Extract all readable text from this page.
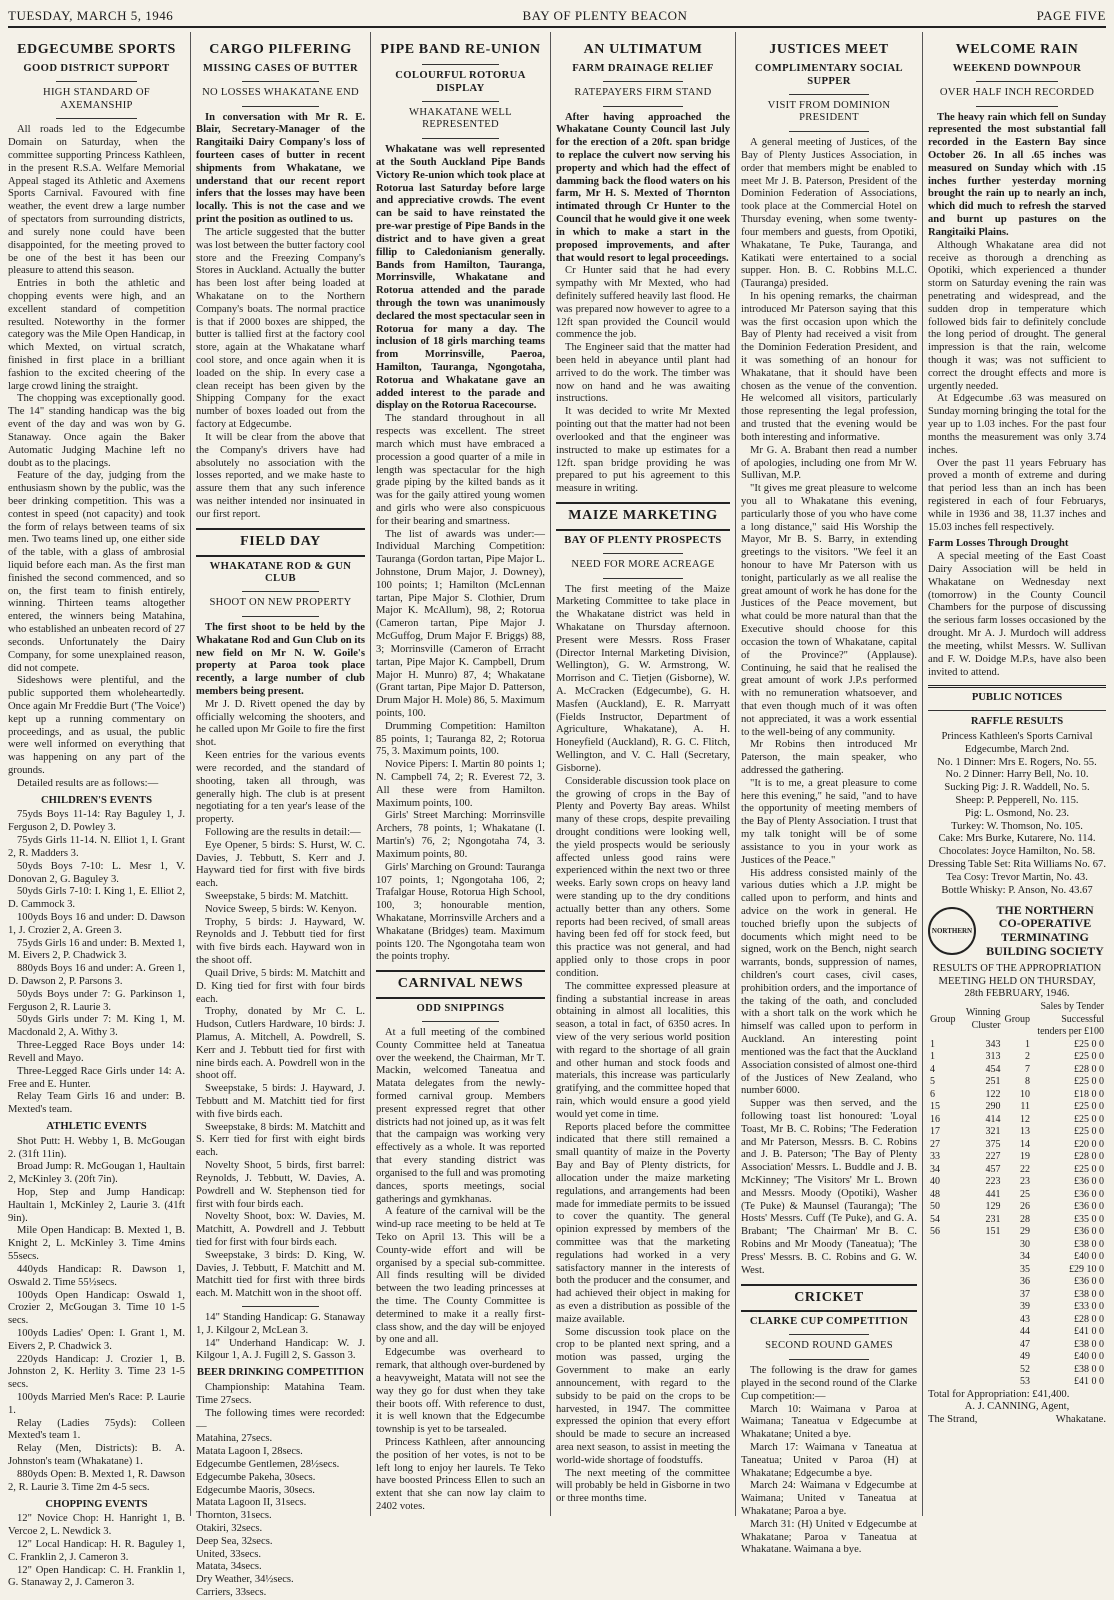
TUESDAY, MARCH 5, 1946	BAY OF PLENTY BEACON	PAGE FIVE
EDGECUMBE SPORTS
GOOD DISTRICT SUPPORT
HIGH STANDARD OF AXEMANSHIP

All roads led to the Edgecumbe Domain on Saturday, when the committee supporting Princess Kathleen, in the present R.S.A. Welfare Memorial Appeal staged its Athletic and Axemens Sports Carnival. Favoured with fine weather, the event drew a large number of spectators from surrounding districts, and surely none could have been disappointed, for the meeting proved to be one of the best it has been our pleasure to attend this season.

Entries in both the athletic and chopping events were high, and an excellent standard of competition resulted. Noteworthy in the former category was the Mile Open Handicap, in which Mexted, on virtual scratch, finished in first place in a brilliant fashion to the excited cheering of the large crowd lining the straight.

The chopping was exceptionally good. The 14" standing handicap was the big event of the day and was won by G. Stanaway. Once again the Baker Automatic Judging Machine left no doubt as to the placings.

Feature of the day, judging from the enthusiasm shown by the public, was the beer drinking competition. This was a contest in speed (not capacity) and took the form of relays between teams of six men. Two teams lined up, one either side of the table, with a glass of ambrosial liquid before each man. As the first man finished the second commenced, and so on, the first team to finish entirely, winning. Thirteen teams altogether entered, the winners being Matahina, who established an unbeaten record of 27 seconds. Unfortunately the Dairy Company, for some unexplained reason, did not compete.

Sideshows were plentiful, and the public supported them wholeheartedly. Once again Mr Freddie Burt ('The Voice') kept up a running commentary on proceedings, and as usual, the public were well informed on everything that was happening on any part of the grounds.

Detailed results are as follows:—

CHILDREN'S EVENTS

75yds Boys 11-14: Ray Baguley 1, J. Ferguson 2, D. Powley 3.

75yds Girls 11-14. N. Elliot 1, I. Grant 2, R. Madders 3.

50yds Boys 7-10: L. Mesr 1, V. Donovan 2, G. Baguley 3.

50yds Girls 7-10: I. King 1, E. Elliot 2, D. Cammock 3.

100yds Boys 16 and under: D. Dawson 1, J. Crozier 2, A. Green 3.

75yds Girls 16 and under: B. Mexted 1, M. Eivers 2, P. Chadwick 3.

880yds Boys 16 and under: A. Green 1, D. Dawson 2, P. Parsons 3.

50yds Boys under 7: G. Parkinson 1, Ferguson 2, R. Laurie 3.

50yds Girls under 7: M. King 1, M. Macdonald 2, A. Withy 3.

Three-Legged Race Boys under 14: Revell and Mayo.

Three-Legged Race Girls under 14: A. Free and E. Hunter.

Relay Team Girls 16 and under: B. Mexted's team.

ATHLETIC EVENTS

Shot Putt: H. Webby 1, B. McGougan 2. (31ft 11in).

Broad Jump: R. McGougan 1, Haultain 2, McKinley 3. (20ft 7in).

Hop, Step and Jump Handicap: Haultain 1, McKinley 2, Laurie 3. (41ft 9in).

Mile Open Handicap: B. Mexted 1, B. Knight 2, L. McKinley 3. Time 4mins 55secs.

440yds Handicap: R. Dawson 1, Oswald 2. Time 55½secs.

100yds Open Handicap: Oswald 1, Crozier 2, McGougan 3. Time 10 1-5 secs.

100yds Ladies' Open: I. Grant 1, M. Eivers 2, P. Chadwick 3.

220yds Handicap: J. Crozier 1, B. Johnston 2, K. Herlity 3. Time 23 1-5 secs.

100yds Married Men's Race: P. Laurie 1.

Relay (Ladies 75yds): Colleen Mexted's team 1.

Relay (Men, Districts): B. A. Johnston's team (Whakatane) 1.

880yds Open: B. Mexted 1, R. Dawson 2, R. Laurie 3. Time 2m 4-5 secs.

CHOPPING EVENTS

12" Novice Chop: H. Hanright 1, B. Vercoe 2, L. Newdick 3.

12" Local Handicap: H. R. Baguley 1, C. Franklin 2, J. Cameron 3.

12" Open Handicap: C. H. Franklin 1, G. Stanaway 2, J. Cameron 3.

CARGO PILFERING
MISSING CASES OF BUTTER
NO LOSSES WHAKATANE END

In conversation with Mr R. E. Blair, Secretary-Manager of the Rangitaiki Dairy Company's loss of fourteen cases of butter in recent shipments from Whakatane, we understand that our recent report infers that the losses may have been locally. This is not the case and we print the position as outlined to us.

The article suggested that the butter was lost between the butter factory cool store and the Freezing Company's Stores in Auckland. Actually the butter has been lost after being loaded at Whakatane on to the Northern Company's boats. The normal practice is that if 2000 boxes are shipped, the butter is tallied first at the factory cool store, again at the Whakatane wharf cool store, and once again when it is loaded on the ship. In every case a clean receipt has been given by the Shipping Company for the exact number of boxes loaded out from the factory at Edgecumbe.

It will be clear from the above that the Company's drivers have had absolutely no association with the losses reported, and we make haste to assure them that any such inference was neither intended nor insinuated in our first report.

FIELD DAY
WHAKATANE ROD & GUN CLUB
SHOOT ON NEW PROPERTY

The first shoot to be held by the Whakatane Rod and Gun Club on its new field on Mr N. W. Goile's property at Paroa took place recently, a large number of club members being present.

Mr J. D. Rivett opened the day by officially welcoming the shooters, and he called upon Mr Goile to fire the first shot.

Keen entries for the various events were recorded, and the standard of shooting, taken all through, was generally high. The club is at present negotiating for a ten year's lease of the property.

Following are the results in detail:—

Eye Opener, 5 birds: S. Hurst, W. C. Davies, J. Tebbutt, S. Kerr and J. Hayward tied for first with five birds each.

Sweepstake, 5 birds: M. Matchitt.

Novice Sweep, 5 birds: W. Kenyon.

Trophy, 5 birds: J. Hayward, W. Reynolds and J. Tebbutt tied for first with five birds each. Hayward won in the shoot off.

Quail Drive, 5 birds: M. Matchitt and D. King tied for first with four birds each.

Trophy, donated by Mr C. L. Hudson, Cutlers Hardware, 10 birds: J. Plamus, A. Mitchell, A. Powdrell, S. Kerr and J. Tebbutt tied for first with nine birds each. A. Powdrell won in the shoot off.

Sweepstake, 5 birds: J. Hayward, J. Tebbutt and M. Matchitt tied for first with five birds each.

Sweepstake, 8 birds: M. Matchitt and S. Kerr tied for first with eight birds each.

Novelty Shoot, 5 birds, first barrel: Reynolds, J. Tebbutt, W. Davies, A. Powdrell and W. Stephenson tied for first with four birds each.

Novelty Shoot, box: W. Davies, M. Matchitt, A. Powdrell and J. Tebbutt tied for first with four birds each.

Sweepstake, 3 birds: D. King, W. Davies, J. Tebbutt, F. Matchitt and M. Matchitt tied for first with three birds each. M. Matchitt won in the shoot off.

14" Standing Handicap: G. Stanaway 1, J. Kilgour 2, McLean 3.

14" Underhand Handicap: W. J. Kilgour 1, A. J. Fugill 2, S. Gasson 3.

BEER DRINKING COMPETITION

Championship: Matahina Team. Time 27secs.

The following times were recorded:—

Matahina, 27secs.

Matata Lagoon I, 28secs.

Edgecumbe Gentlemen, 28½secs.

Edgecumbe Pakeha, 30secs.

Edgecumbe Maoris, 30secs.

Matata Lagoon II, 31secs.

Thornton, 31secs.

Otakiri, 32secs.

Deep Sea, 32secs.

United, 33secs.

Matata, 34secs.

Dry Weather, 34½secs.

Carriers, 33secs.

PIPE BAND RE-UNION
COLOURFUL ROTORUA DISPLAY
WHAKATANE WELL REPRESENTED

Whakatane was well represented at the South Auckland Pipe Bands Victory Re-union which took place at Rotorua last Saturday before large and appreciative crowds. The event can be said to have reinstated the pre-war prestige of Pipe Bands in the district and to have given a great fillip to Caledonianism generally. Bands from Hamilton, Tauranga, Morrinsville, Whakatane and Rotorua attended and the parade through the town was unanimously declared the most spectacular seen in Rotorua for many a day. The inclusion of 18 girls marching teams from Morrinsville, Paeroa, Hamilton, Tauranga, Ngongotaha, Rotorua and Whakatane gave an added interest to the parade and display on the Rotorua Racecourse.

The standard throughout in all respects was excellent. The street march which must have embraced a procession a good quarter of a mile in length was spectacular for the high grade piping by the kilted bands as it was for the gaily attired young women and girls who were also conspicuous for their bearing and smartness.

The list of awards was under:— Individual Marching Competition: Tauranga (Gordon tartan, Pipe Major L. Johnstone, Drum Major, J. Downey), 100 points; 1; Hamilton (McLennan tartan, Pipe Major S. Clothier, Drum Major K. McAllum), 98, 2; Rotorua (Cameron tartan, Pipe Major J. McGuffog, Drum Major F. Briggs) 88, 3; Morrinsville (Cameron of Erracht tartan, Pipe Major K. Campbell, Drum Major H. Munro) 87, 4; Whakatane (Grant tartan, Pipe Major D. Patterson, Drum Major H. Mole) 86, 5. Maximum points, 100.

Drumming Competition: Hamilton 85 points, 1; Tauranga 82, 2; Rotorua 75, 3. Maximum points, 100.

Novice Pipers: I. Martin 80 points 1; N. Campbell 74, 2; R. Everest 72, 3. All these were from Hamilton. Maximum points, 100.

Girls' Street Marching: Morrinsville Archers, 78 points, 1; Whakatane (I. Martin's) 76, 2; Ngongotaha 74, 3. Maximum points, 80.

Girls' Marching on Ground: Tauranga 107 points, 1; Ngongotaha 106, 2; Trafalgar House, Rotorua High School, 100, 3; honourable mention, Whakatane, Morrinsville Archers and a Whakatane (Bridges) team. Maximum points 120. The Ngongotaha team won the points trophy.

CARNIVAL NEWS
ODD SNIPPINGS

At a full meeting of the combined County Committee held at Taneatua over the weekend, the Chairman, Mr T. Mackin, welcomed Taneatua and Matata delegates from the newly-formed carnival group. Members present expressed regret that other districts had not joined up, as it was felt that the campaign was working very effectively as a whole. It was reported that every standing district was organised to the full and was promoting dances, sports meetings, social gatherings and gymkhanas.

A feature of the carnival will be the wind-up race meeting to be held at Te Teko on April 13. This will be a County-wide effort and will be organised by a special sub-committee. All finds resulting will be divided between the two leading princesses at the time. The County Committee is determined to make it a really first-class show, and the day will be enjoyed by one and all.

Edgecumbe was overheard to remark, that although over-burdened by a heavyweight, Matata will not see the way they go for dust when they take their boots off. With reference to dust, it is well known that the Edgecumbe township is yet to be tarsealed.

Princess Kathleen, after announcing the position of her votes, is not to be left long to enjoy her laurels. Te Teko have boosted Princess Ellen to such an extent that she can now lay claim to 2402 votes.

AN ULTIMATUM
FARM DRAINAGE RELIEF
RATEPAYERS FIRM STAND

After having approached the Whakatane County Council last July for the erection of a 20ft. span bridge to replace the culvert now serving his property and which had the effect of damming back the flood waters on his farm, Mr H. S. Mexted of Thornton intimated through Cr Hunter to the Council that he would give it one week in which to make a start in the proposed improvements, and after that would resort to legal proceedings.

Cr Hunter said that he had every sympathy with Mr Mexted, who had definitely suffered heavily last flood. He was prepared now however to agree to a 12ft span provided the Council would commence the job.

The Engineer said that the matter had been held in abeyance until plant had arrived to do the work. The timber was now on hand and he was awaiting instructions.

It was decided to write Mr Mexted pointing out that the matter had not been overlooked and that the engineer was instructed to make up estimates for a 12ft. span bridge providing he was prepared to put his agreement to this measure in writing.

MAIZE MARKETING
BAY OF PLENTY PROSPECTS
NEED FOR MORE ACREAGE

The first meeting of the Maize Marketing Committee to take place in the Whakatane district was held in Whakatane on Thursday afternoon. Present were Messrs. Ross Fraser (Director Internal Marketing Division, Wellington), G. W. Armstrong, W. Morrison and C. Tietjen (Gisborne), W. A. McCracken (Edgecumbe), G. H. Masfen (Auckland), E. R. Marryatt (Fields Instructor, Department of Agriculture, Whakatane), A. H. Honeyfield (Auckland), R. G. C. Flitch, Wellington, and V. C. Hall (Secretary, Gisborne).

Considerable discussion took place on the growing of crops in the Bay of Plenty and Poverty Bay areas. Whilst many of these crops, despite prevailing drought conditions were looking well, the yield prospects would be seriously affected unless good rains were experienced within the next two or three weeks. Early sown crops on heavy land were standing up to the dry conditions actually better than any others. Some reports had been recived, of small areas having been fed off for stock feed, but this practice was not general, and had applied only to those crops in poor condition.

The committee expressed pleasure at finding a substantial increase in areas obtaining in almost all localities, this season, a total in fact, of 6350 acres. In view of the very serious world position with regard to the shortage of all grain and other human and stock foods and materials, this increase was particularly gratifying, and the committee hoped that rain, which would ensure a good yield would yet come in time.

Reports placed before the committee indicated that there still remained a small quantity of maize in the Poverty Bay and Bay of Plenty districts, for allocation under the maize marketing regulations, and arrangements had been made for immediate permits to be issued to cover the quantity. The general opinion expressed by members of the committee was that the marketing regulations had worked in a very satisfactory manner in the interests of both the producer and the consumer, and had achieved their object in making for as even a distribution as possible of the maize available.

Some discussion took place on the crop to be planted next spring, and a motion was passed, urging the Government to make an early announcement, with regard to the subsidy to be paid on the crops to be harvested, in 1947. The committee expressed the opinion that every effort should be made to secure an increased area next season, to assist in meeting the world-wide shortage of foodstuffs.

The next meeting of the committee will probably be held in Gisborne in two or three months time.

JUSTICES MEET
COMPLIMENTARY SOCIAL SUPPER
VISIT FROM DOMINION PRESIDENT

A general meeting of Justices, of the Bay of Plenty Justices Association, in order that members might be enabled to meet Mr J. B. Paterson, President of the Dominion Federation of Associations, took place at the Commercial Hotel on Thursday evening, when some twenty-four members and guests, from Opotiki, Whakatane, Te Puke, Tauranga, and Katikati were entertained to a social supper. Hon. B. C. Robbins M.L.C. (Tauranga) presided.

In his opening remarks, the chairman introduced Mr Paterson saying that this was the first occasion upon which the Bay of Plenty had received a visit from the Dominion Federation President, and it was something of an honour for Whakatane, that it should have been chosen as the venue of the convention. He welcomed all visitors, particularly those representing the legal profession, and trusted that the evening would be both interesting and informative.

Mr G. A. Brabant then read a number of apologies, including one from Mr W. Sullivan, M.P.

"It gives me great pleasure to welcome you all to Whakatane this evening, particularly those of you who have come a long distance," said His Worship the Mayor, Mr B. S. Barry, in extending greetings to the visitors. "We feel it an honour to have Mr Paterson with us tonight, particularly as we all realise the great amount of work he has done for the Justices of the Peace movement, but what could be more natural than that the Executive should choose for this occasion the town of Whakatane, capital of the Province?" (Applause). Continuing, he said that he realised the great amount of work J.P.s performed with no remuneration whatsoever, and that even though much of it was often not appreciated, it was a work essential to the well-being of any community.

Mr Robins then introduced Mr Paterson, the main speaker, who addressed the gathering.

"It is to me, a great pleasure to come here this evening," he said, "and to have the opportunity of meeting members of the Bay of Plenty Association. I trust that my talk tonight will be of some assistance to you in your work as Justices of the Peace."

His address consisted mainly of the various duties which a J.P. might be called upon to perform, and hints and advice on the work in general. He touched briefly upon the subjects of documents which might need to be signed, work on the Bench, night search warrants, bonds, suppression of names, children's court cases, civil cases, prohibition orders, and the importance of the taking of the oath, and concluded with a short talk on the work which he himself was called upon to perform in Auckland. An interesting point mentioned was the fact that the Auckland Association consisted of almost one-third of the Justices of New Zealand, who number 6000.

Supper was then served, and the following toast list honoured: 'Loyal Toast, Mr B. C. Robins; 'The Federation and Mr Paterson, Messrs. B. C. Robins and J. B. Paterson; 'The Bay of Plenty Association' Messrs. L. Buddle and J. B. McKinney; 'The Visitors' Mr L. Brown and Messrs. Moody (Opotiki), Washer (Te Puke) & Maunsel (Tauranga); 'The Hosts' Messrs. Cuff (Te Puke), and G. A. Brabant; 'The Chairman' Mr B. C. Robins and Mr Moody (Taneatua); 'The Press' Messrs. B. C. Robins and G. W. West.

CRICKET
CLARKE CUP COMPETITION
SECOND ROUND GAMES

The following is the draw for games played in the second round of the Clarke Cup competition:—

March 10: Waimana v Paroa at Waimana; Taneatua v Edgecumbe at Whakatane; United a bye.

March 17: Waimana v Taneatua at Taneatua; United v Paroa (H) at Whakatane; Edgecumbe a bye.

March 24: Waimana v Edgecumbe at Waimana; United v Taneatua at Whakatane; Paroa a bye.

March 31: (H) United v Edgecumbe at Whakatane; Paroa v Taneatua at Whakatane. Waimana a bye.

WELCOME RAIN
WEEKEND DOWNPOUR
OVER HALF INCH RECORDED

The heavy rain which fell on Sunday represented the most substantial fall recorded in the Eastern Bay since October 26. In all .65 inches was measured on Sunday which with .15 inches further yesterday morning brought the rain up to nearly an inch, which did much to refresh the starved and burnt up pastures on the Rangitaiki Plains.

Although Whakatane area did not receive as thorough a drenching as Opotiki, which experienced a thunder storm on Saturday evening the rain was penetrating and widespread, and the sudden drop in temperature which followed bids fair to definitely conclude the long period of drought. The general impression is that the rain, welcome though it was; was not sufficient to correct the drought effects and more is urgently needed.

At Edgecumbe .63 was measured on Sunday morning bringing the total for the year up to 1.03 inches. For the past four months the measurement was only 3.74 inches.

Over the past 11 years February has proved a month of extreme and during that period less than an inch has been registered in each of four Februarys, while in 1936 and 38, 11.37 inches and 15.03 inches fell respectively.

Farm Losses Through Drought

A special meeting of the East Coast Dairy Association will be held in Whakatane on Wednesday next (tomorrow) in the County Council Chambers for the purpose of discussing the serious farm losses occasioned by the drought. Mr A. J. Murdoch will address the meeting, whilst Messrs. W. Sullivan and F. W. Doidge M.P.s, have also been invited to attend.

PUBLIC NOTICES
RAFFLE RESULTS

Princess Kathleen's Sports Carnival Edgecumbe, March 2nd.

No. 1 Dinner: Mrs E. Rogers, No. 55.

No. 2 Dinner: Harry Bell, No. 10.

Sucking Pig: J. R. Waddell, No. 5.

Sheep: P. Pepperell, No. 115.

Pig: L. Osmond, No. 23.

Turkey: W. Thomson, No. 105.

Cake: Mrs Burke, Kutarere, No. 114.

Chocolates: Joyce Hamilton, No. 58.

Dressing Table Set: Rita Williams No. 67.

Tea Cosy: Trevor Martin, No. 43.

Bottle Whisky: P. Anson, No. 43.67

NORTHERN
THE NORTHERN CO-OPERATIVE TERMINATING BUILDING SOCIETY

RESULTS OF THE APPROPRIATION MEETING HELD ON THURSDAY, 28th FEBRUARY, 1946.

Group	Winning Cluster	Group	Sales by Tender Successful tenders per £100
1	343	1	£25 0 0
1	313	2	£25 0 0
4	454	7	£28 0 0
5	251	8	£25 0 0
6	122	10	£18 0 0
15	290	11	£25 0 0
16	414	12	£25 0 0
17	321	13	£25 0 0
27	375	14	£20 0 0
33	227	19	£28 0 0
34	457	22	£25 0 0
40	223	23	£36 0 0
48	441	25	£36 0 0
50	129	26	£36 0 0
54	231	28	£35 0 0
56	151	29	£36 0 0
		30	£38 0 0
		34	£40 0 0
		35	£29 10 0
		36	£36 0 0
		37	£38 0 0
		39	£33 0 0
		43	£28 0 0
		44	£41 0 0
		47	£38 0 0
		49	£40 0 0
		52	£38 0 0
		53	£41 0 0

Total for Appropriation: £41,400.

A. J. CANNING, Agent,

The Strand,	Whakatane.
